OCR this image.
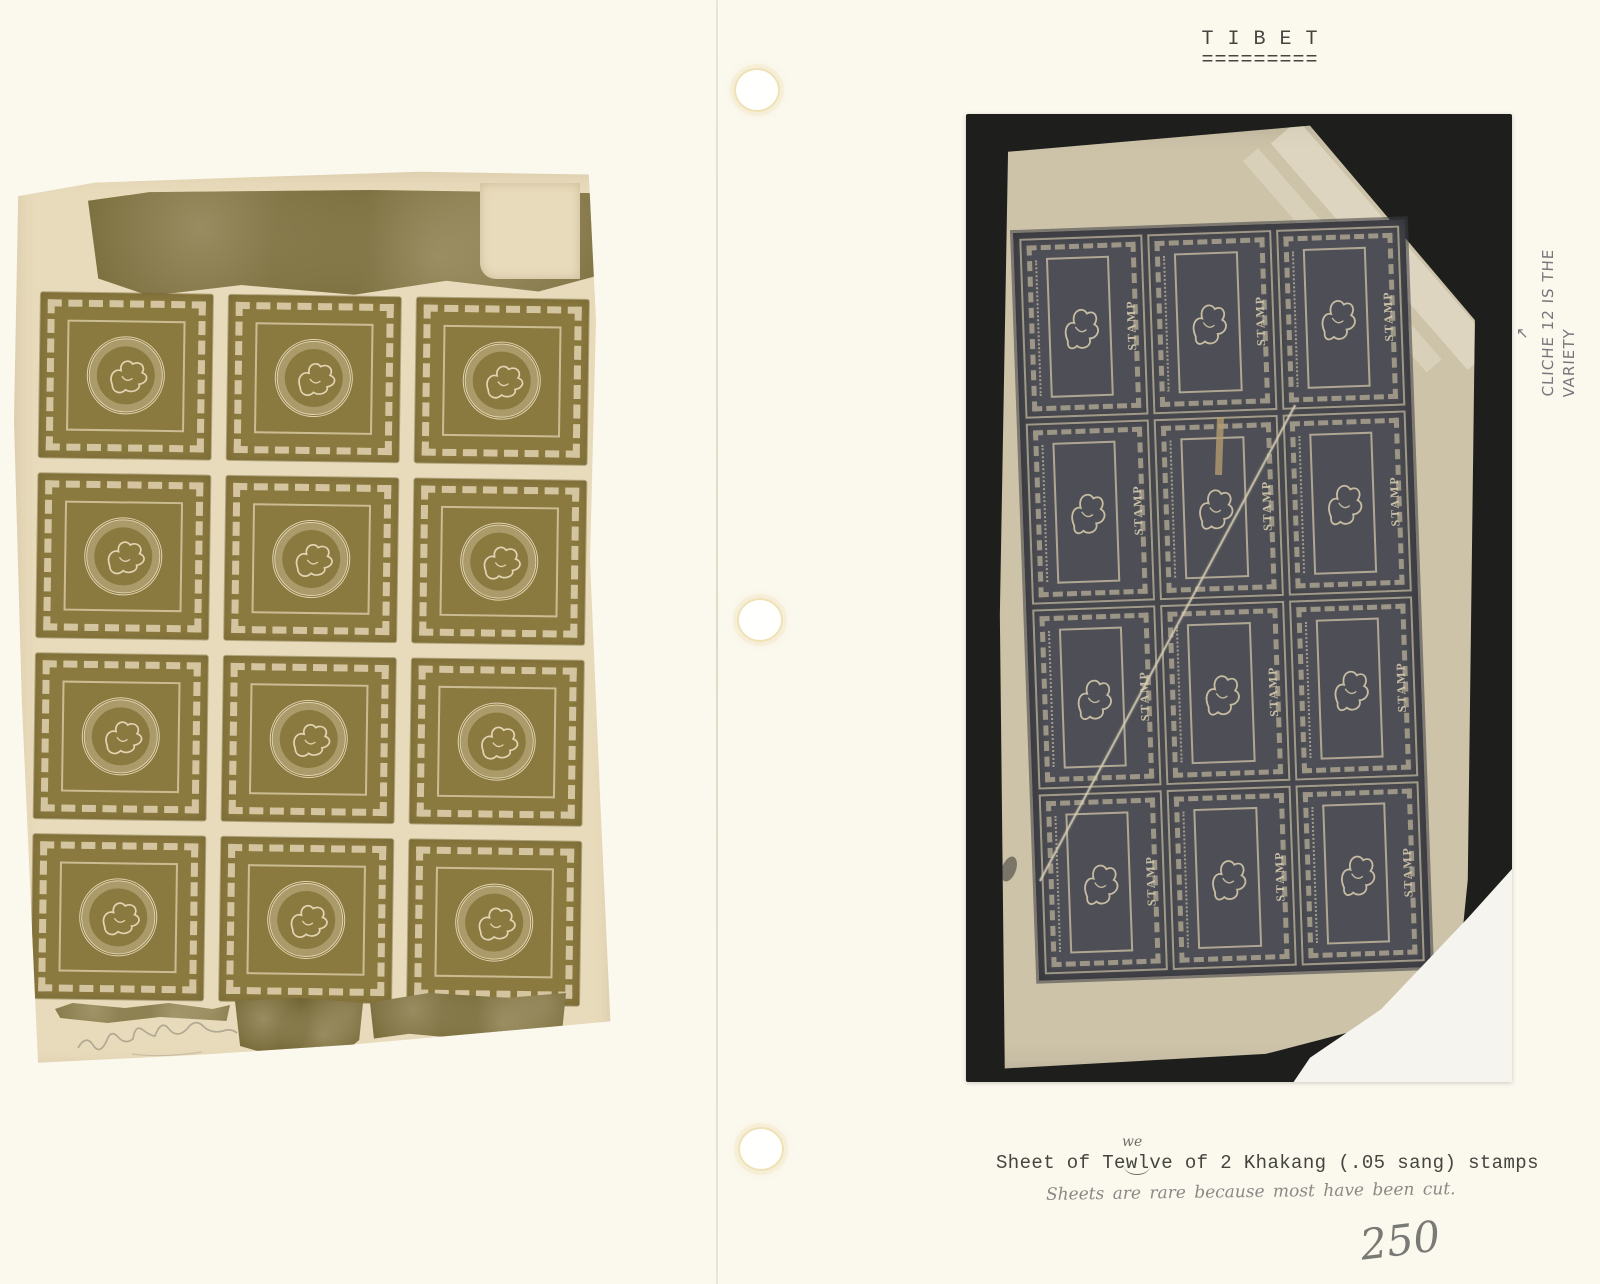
T I B E T
=========
STAMP	STAMP	STAMP
STAMP	STAMP	STAMP
STAMP	STAMP	STAMP
STAMP	STAMP	STAMP
CLICHE 12 IS THE VARIETY
↖
Sheet of Tewlve of 2 Khakang (.05 sang) stamps
we
Sheets are rare because most have been cut.
250
